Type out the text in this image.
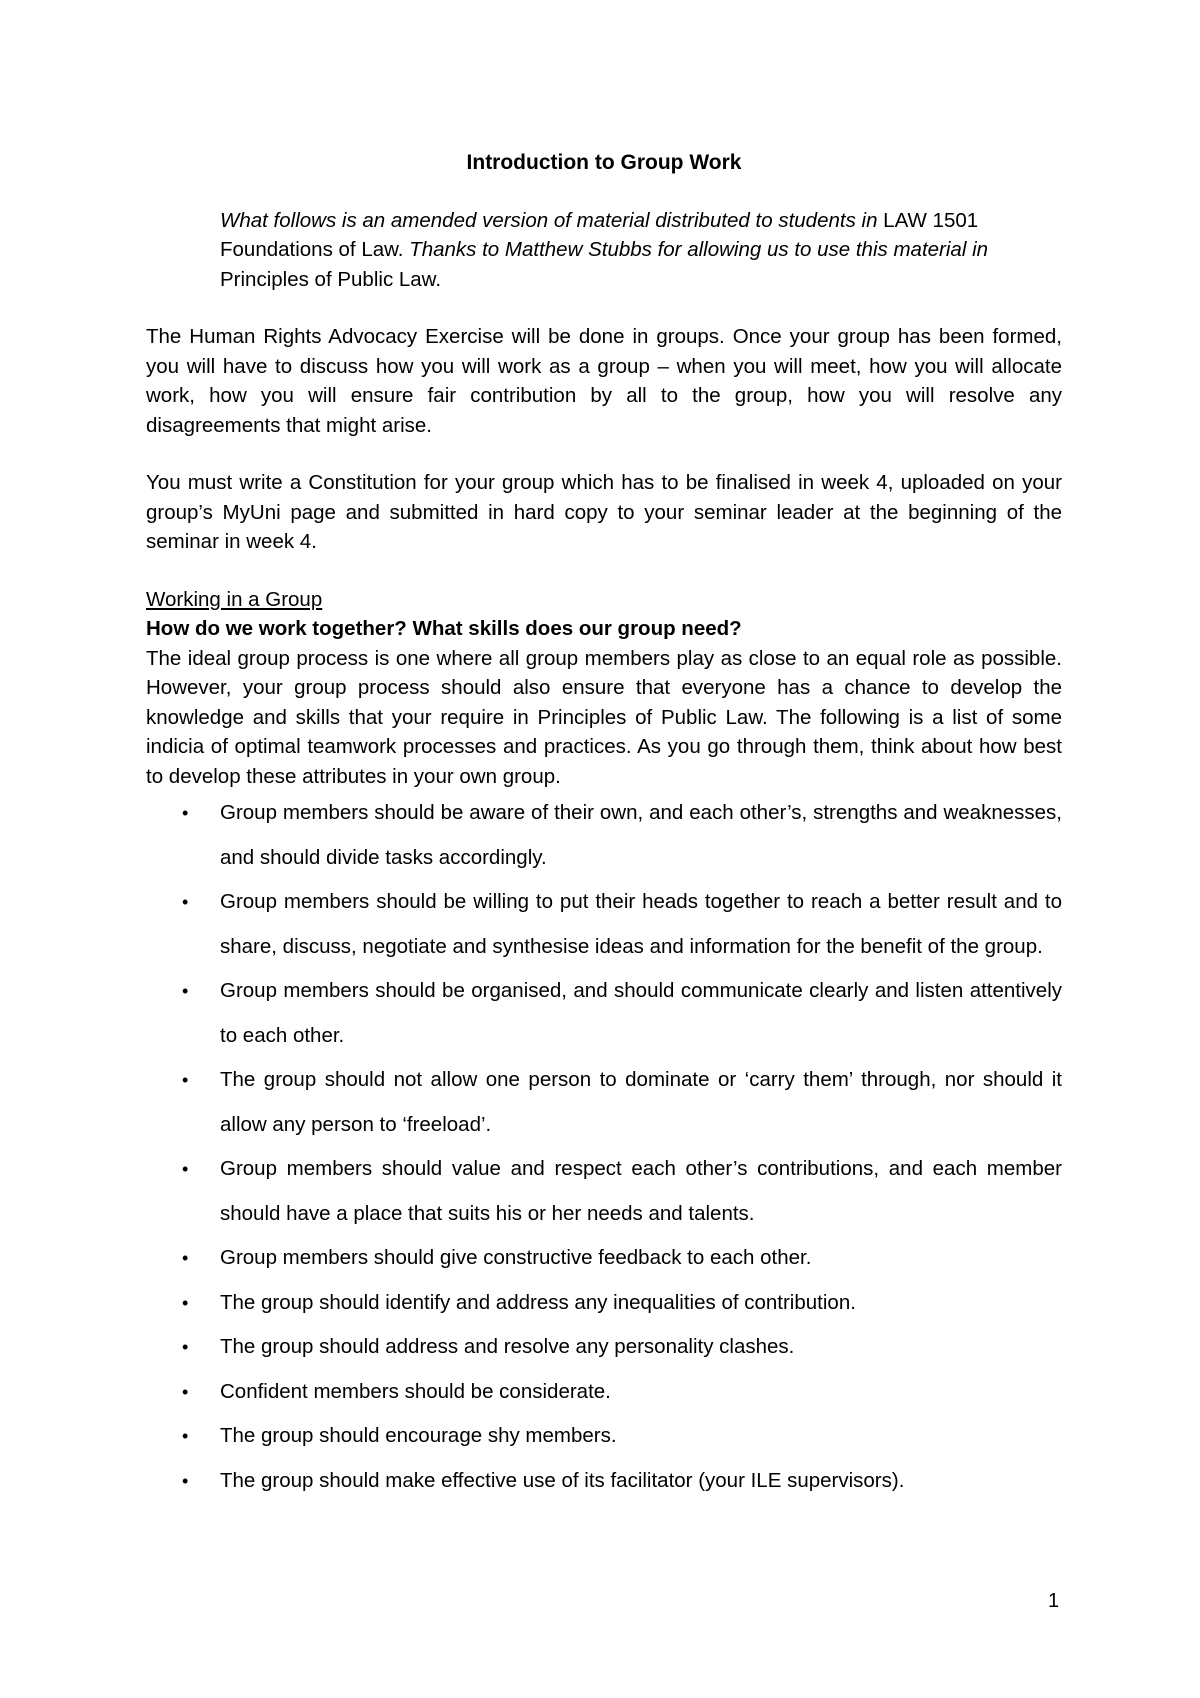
Introduction to Group Work
What follows is an amended version of material distributed to students in LAW 1501 Foundations of Law. Thanks to Matthew Stubbs for allowing us to use this material in Principles of Public Law.

The Human Rights Advocacy Exercise will be done in groups. Once your group has been formed, you will have to discuss how you will work as a group – when you will meet, how you will allocate work, how you will ensure fair contribution by all to the group, how you will resolve any disagreements that might arise.

You must write a Constitution for your group which has to be finalised in week 4, uploaded on your group’s MyUni page and submitted in hard copy to your seminar leader at the beginning of the seminar in week 4.

Working in a Group
How do we work together? What skills does our group need?

The ideal group process is one where all group members play as close to an equal role as possible. However, your group process should also ensure that everyone has a chance to develop the knowledge and skills that your require in Principles of Public Law. The following is a list of some indicia of optimal teamwork processes and practices. As you go through them, think about how best to develop these attributes in your own group.

• Group members should be aware of their own, and each other’s, strengths and weaknesses, and should divide tasks accordingly.
• Group members should be willing to put their heads together to reach a better result and to share, discuss, negotiate and synthesise ideas and information for the benefit of the group.
• Group members should be organised, and should communicate clearly and listen attentively to each other.
• The group should not allow one person to dominate or ‘carry them’ through, nor should it allow any person to ‘freeload’.
• Group members should value and respect each other’s contributions, and each member should have a place that suits his or her needs and talents.
• Group members should give constructive feedback to each other.
• The group should identify and address any inequalities of contribution.
• The group should address and resolve any personality clashes.
• Confident members should be considerate.
• The group should encourage shy members.
• The group should make effective use of its facilitator (your ILE supervisors).
1
